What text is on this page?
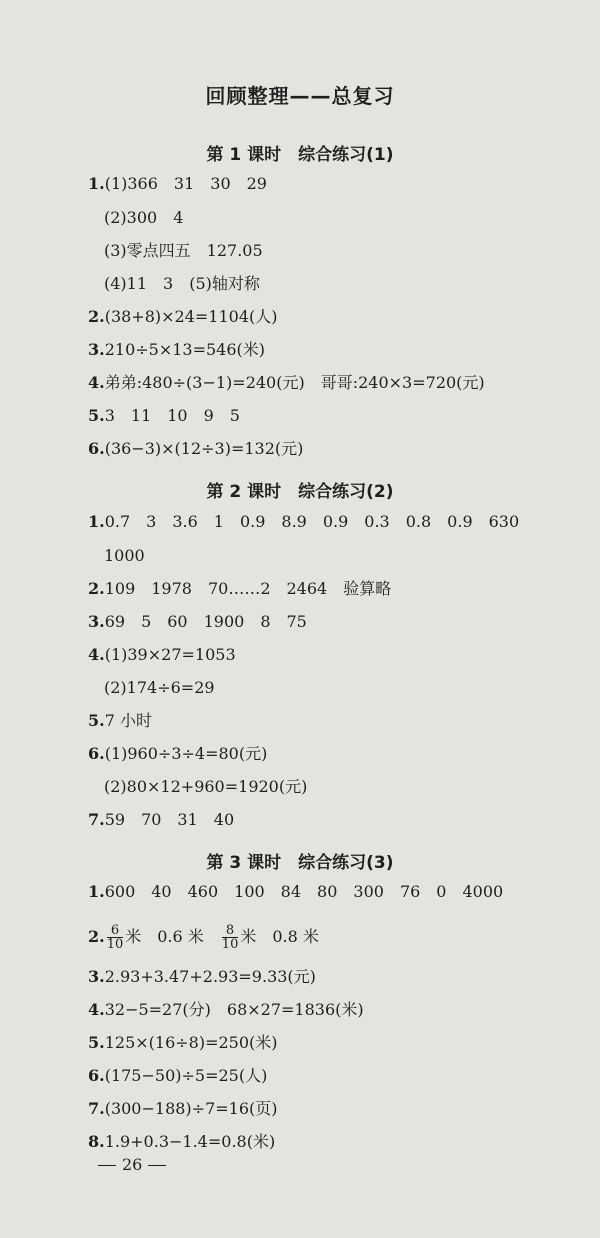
回顾整理——总复习
第 1 课时　综合练习(1)
1.(1)366　31　30　29
(2)300　4
(3)零点四五　127.05
(4)11　3　(5)轴对称
2.(38+8)×24=1104(人)
3.210÷5×13=546(米)
4.弟弟:480÷(3−1)=240(元)　哥哥:240×3=720(元)
5.3　11　10　9　5
6.(36−3)×(12÷3)=132(元)
第 2 课时　综合练习(2)
1.0.7　3　3.6　1　0.9　8.9　0.9　0.3　0.8　0.9　630
1000
2.109　1978　70……2　2464　验算略
3.69　5　60　1900　8　75
4.(1)39×27=1053
(2)174÷6=29
5.7 小时
6.(1)960÷3÷4=80(元)
(2)80×12+960=1920(元)
7.59　70　31　40
第 3 课时　综合练习(3)
1.600　40　460　100　84　80　300　76　0　4000
2. $\frac{6}{10}$ 米　0.6 米　 $\frac{8}{10}$ 米　0.8 米
3.2.93+3.47+2.93=9.33(元)
4.32−5=27(分)　68×27=1836(米)
5.125×(16÷8)=250(米)
6.(175−50)÷5=25(人)
7.(300−188)÷7=16(页)
8.1.9+0.3−1.4=0.8(米)
26
